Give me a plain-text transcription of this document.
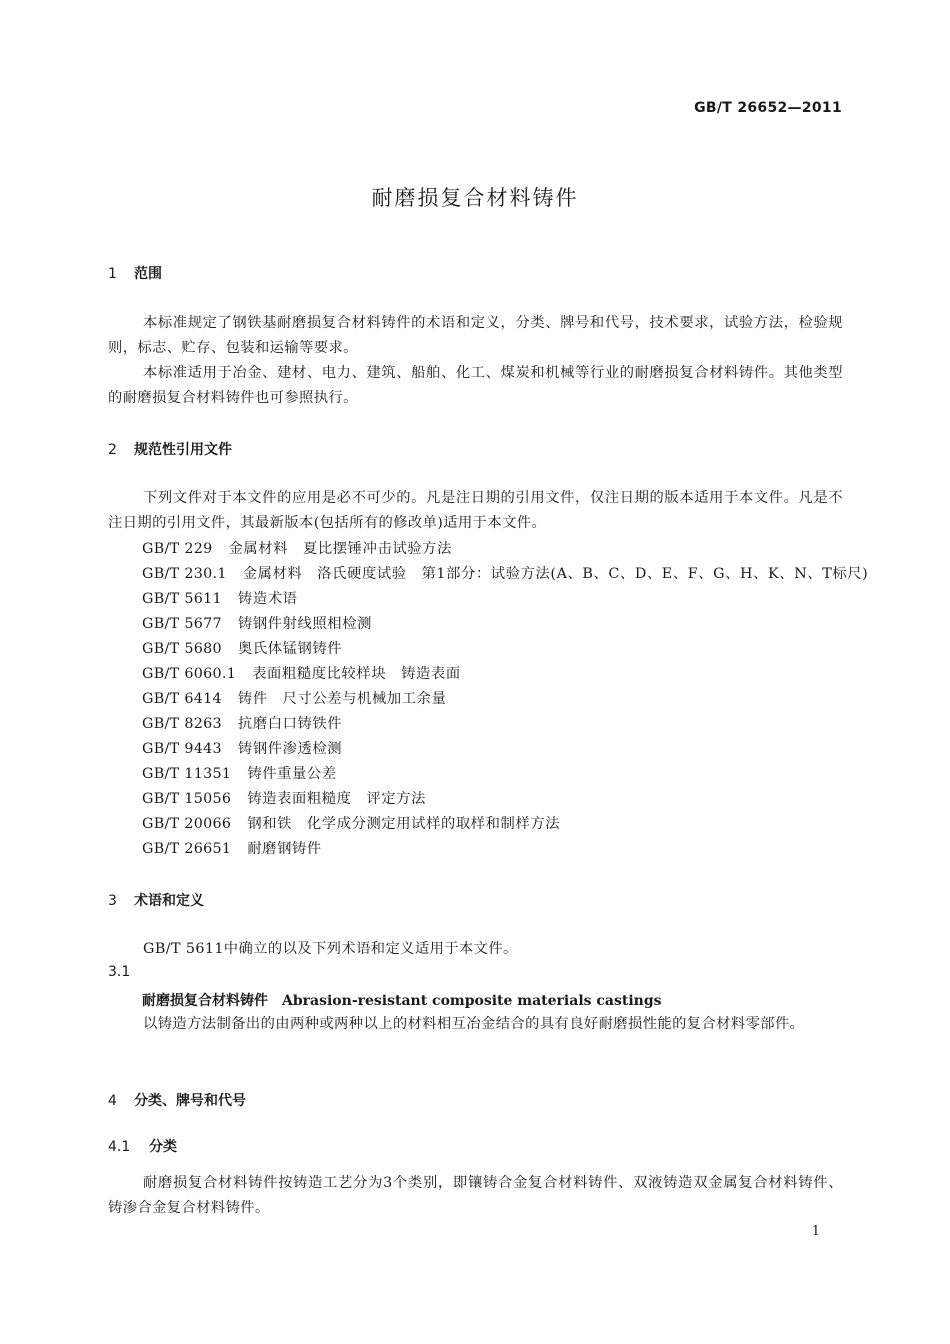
GB/T 26652—2011
耐磨损复合材料铸件
1 范围
本标准规定了钢铁基耐磨损复合材料铸件的术语和定义，分类、牌号和代号，技术要求，试验方法，检验规则，标志、贮存、包装和运输等要求。
本标准适用于冶金、建材、电力、建筑、船舶、化工、煤炭和机械等行业的耐磨损复合材料铸件。其他类型的耐磨损复合材料铸件也可参照执行。
2 规范性引用文件
下列文件对于本文件的应用是必不可少的。凡是注日期的引用文件，仅注日期的版本适用于本文件。凡是不注日期的引用文件，其最新版本(包括所有的修改单)适用于本文件。
GB/T 229 金属材料　夏比摆锤冲击试验方法
GB/T 230.1 金属材料　洛氏硬度试验　第1部分：试验方法(A、B、C、D、E、F、G、H、K、N、T标尺)
GB/T 5611 铸造术语
GB/T 5677 铸钢件射线照相检测
GB/T 5680 奥氏体锰钢铸件
GB/T 6060.1 表面粗糙度比较样块　铸造表面
GB/T 6414 铸件　尺寸公差与机械加工余量
GB/T 8263 抗磨白口铸铁件
GB/T 9443 铸钢件渗透检测
GB/T 11351 铸件重量公差
GB/T 15056 铸造表面粗糙度　评定方法
GB/T 20066 钢和铁　化学成分测定用试样的取样和制样方法
GB/T 26651 耐磨钢铸件
3 术语和定义
GB/T 5611中确立的以及下列术语和定义适用于本文件。
3.1
耐磨损复合材料铸件 Abrasion-resistant composite materials castings
以铸造方法制备出的由两种或两种以上的材料相互冶金结合的具有良好耐磨损性能的复合材料零部件。
4 分类、牌号和代号
4.1 分类
耐磨损复合材料铸件按铸造工艺分为3个类别，即镶铸合金复合材料铸件、双液铸造双金属复合材料铸件、铸渗合金复合材料铸件。
1
